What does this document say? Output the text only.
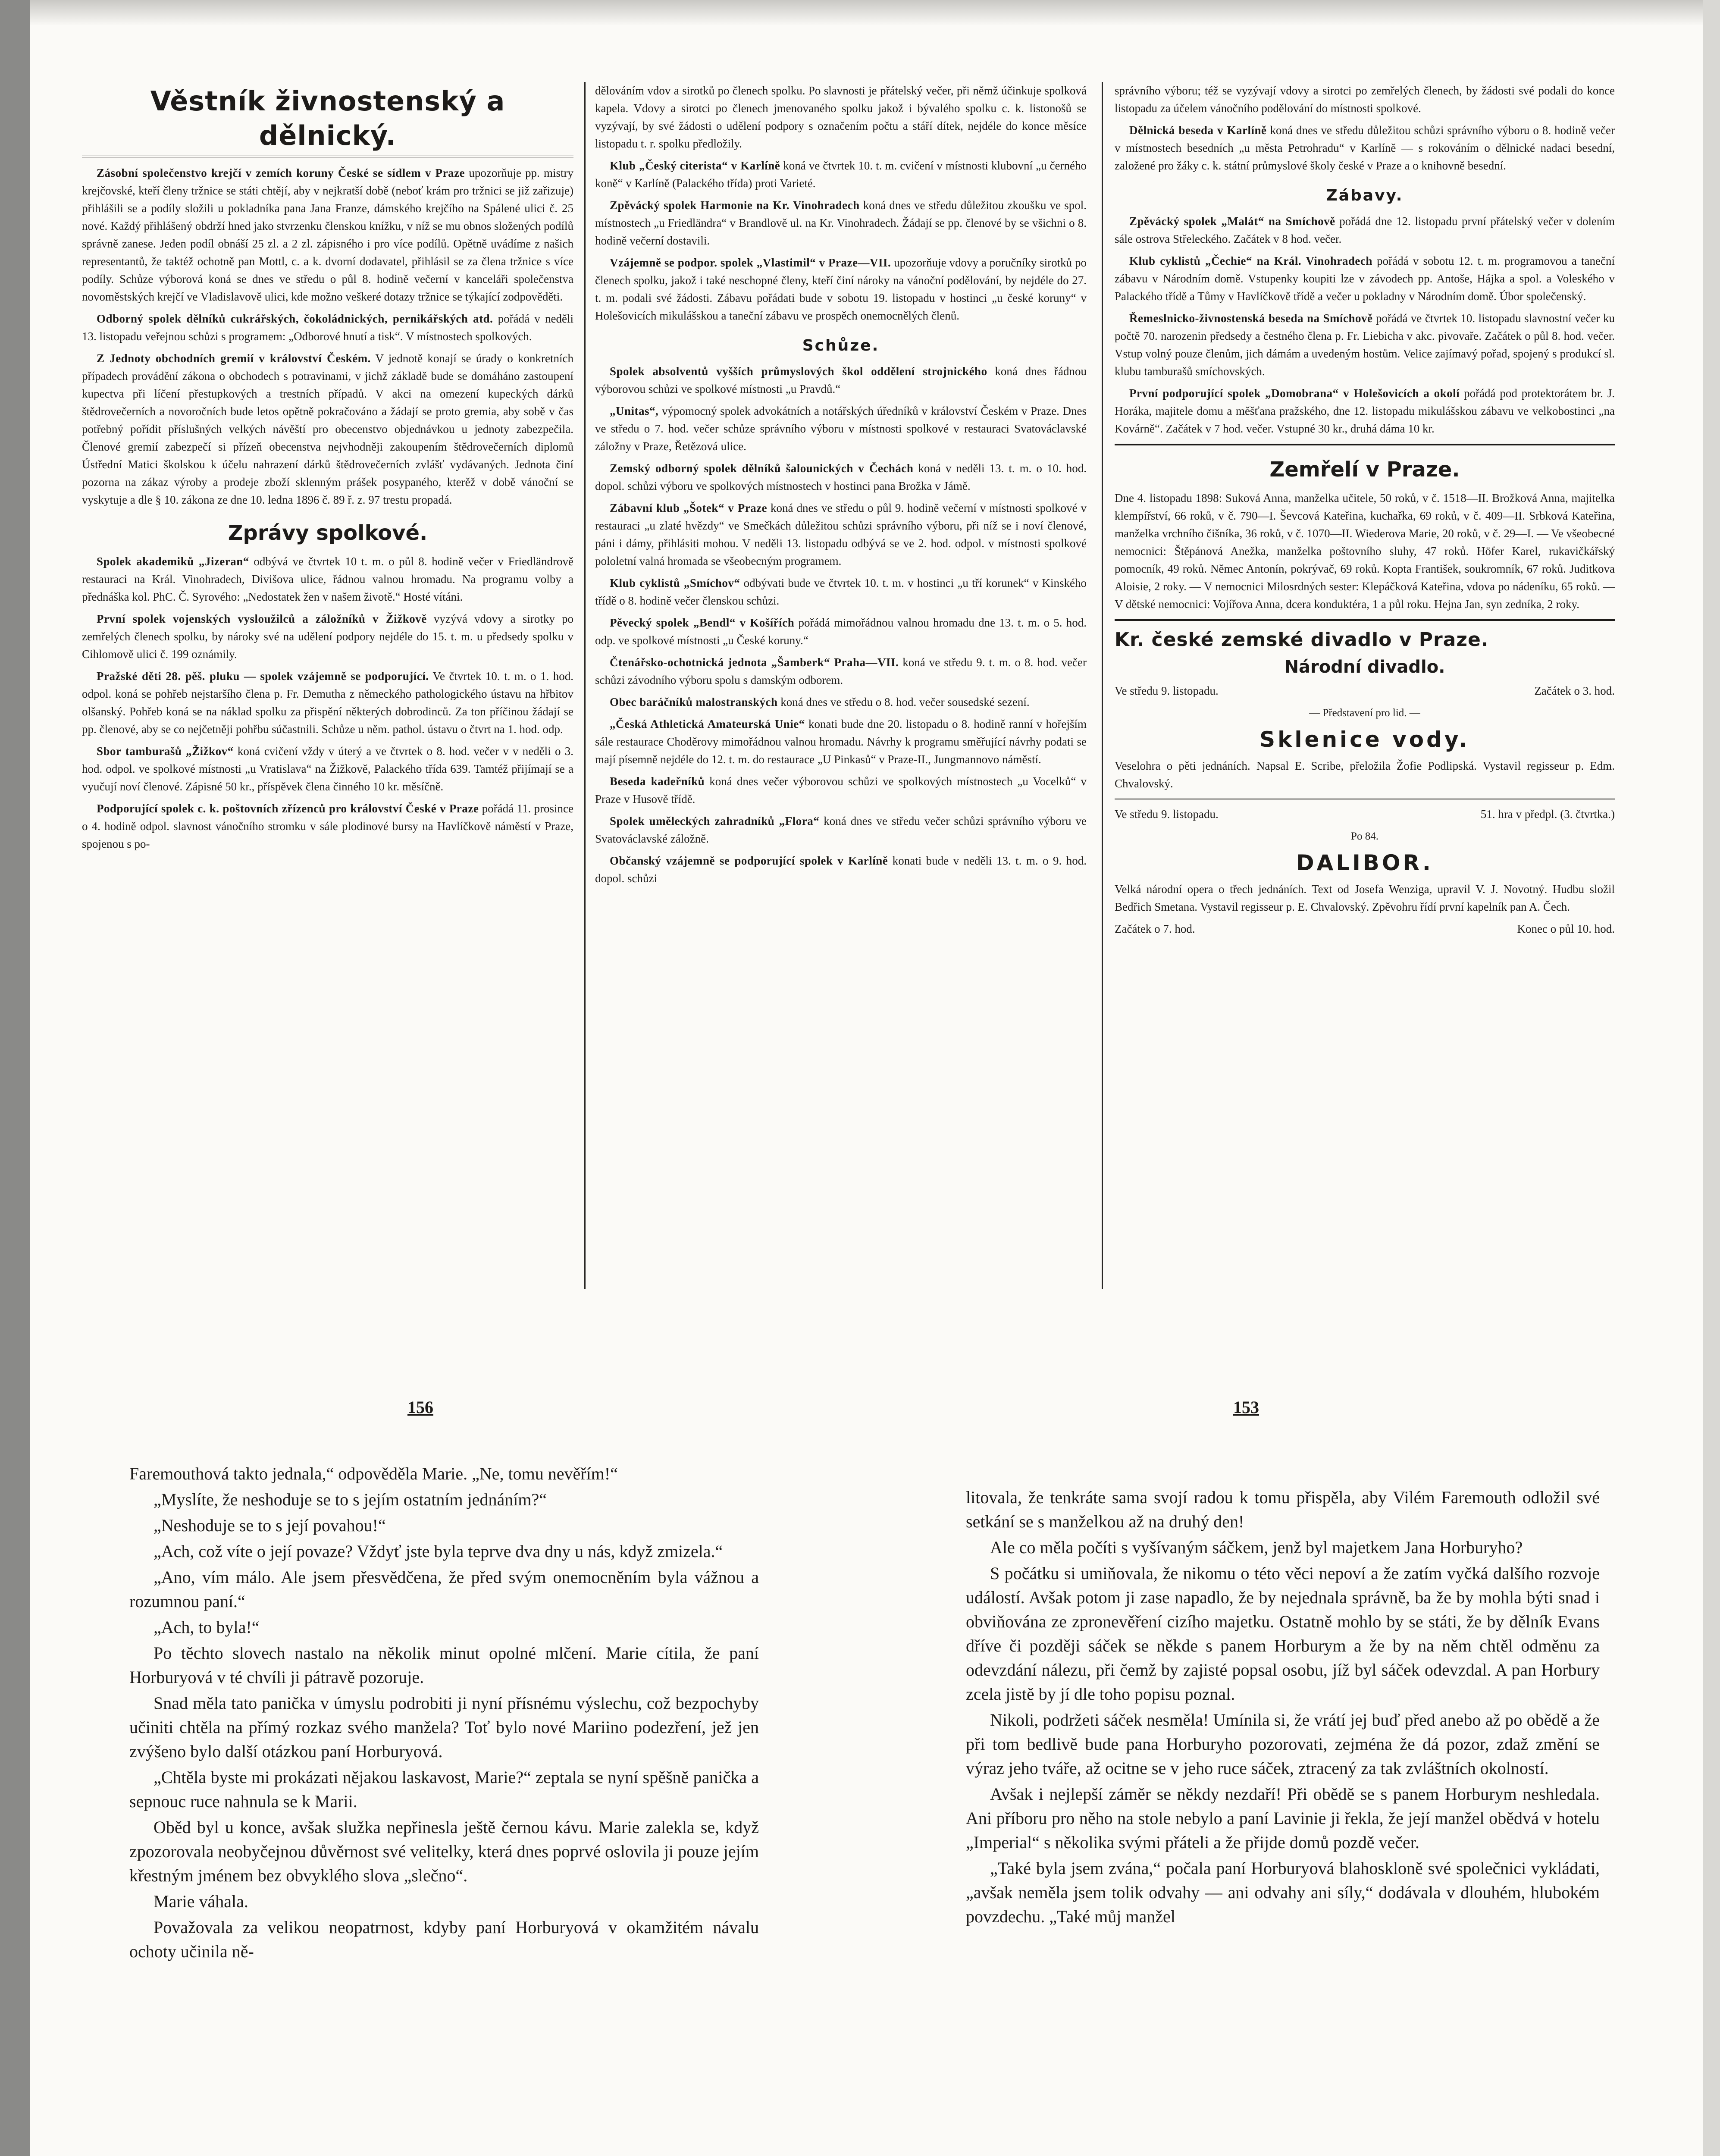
Věstník živnostenský a dělnický.

Zásobní společenstvo krejčí v zemích koruny České se sídlem v Praze upozorňuje pp. mistry krejčovské, kteří členy tržnice se státi chtějí, aby v nejkratší době (neboť krám pro tržnici se již zařizuje) přihlášili se a podíly složili u pokladníka pana Jana Franze, dámského krejčího na Spálené ulici č. 25 nové. Každý přihlášený obdrží hned jako stvrzenku členskou knížku, v níž se mu obnos složených podílů správně zanese. Jeden podíl obnáší 25 zl. a 2 zl. zápisného i pro více podílů. Opětně uvádíme z našich representantů, že taktéž ochotně pan Mottl, c. a k. dvorní dodavatel, přihlásil se za člena tržnice s více podíly. Schůze výborová koná se dnes ve středu o půl 8. hodině večerní v kanceláři společenstva novoměstských krejčí ve Vladislavově ulici, kde možno veškeré dotazy tržnice se týkající zodpověděti.

Odborný spolek dělníků cukrářských, čokoládnických, pernikářských atd. pořádá v neděli 13. listopadu veřejnou schůzi s programem: „Odborové hnutí a tisk“. V místnostech spolkových.

Z Jednoty obchodních gremií v království Českém. V jednotě konají se úrady o konkretních případech provádění zákona o obchodech s potravinami, v jichž základě bude se domáháno zastoupení kupectva při líčení přestupkových a trestních případů. V akci na omezení kupeckých dárků štědrovečerních a novoročních bude letos opětně pokračováno a žádají se proto gremia, aby sobě v čas potřebný pořídit příslušných velkých návěští pro obecenstvo objednávkou u jednoty zabezpečila. Členové gremií zabezpečí si přízeň obecenstva nejvhodněji zakoupením štědrovečerních diplomů Ústřední Matici školskou k účelu nahrazení dárků štědrovečerních zvlášť vydávaných. Jednota činí pozorna na zákaz výroby a prodeje zboží sklenným prášek posypaného, kterěž v době vánoční se vyskytuje a dle § 10. zákona ze dne 10. ledna 1896 č. 89 ř. z. 97 trestu propadá.

Zprávy spolkové.

Spolek akademiků „Jizeran“ odbývá ve čtvrtek 10 t. m. o půl 8. hodině večer v Friedländrově restauraci na Král. Vinohradech, Divišova ulice, řádnou valnou hromadu. Na programu volby a přednáška kol. PhC. Č. Syrového: „Nedostatek žen v našem životě.“ Hosté vítáni.

První spolek vojenských vysloužilců a záložníků v Žižkově vyzývá vdovy a sirotky po zemřelých členech spolku, by nároky své na udělení podpory nejdéle do 15. t. m. u předsedy spolku v Cihlomově ulici č. 199 oznámily.

Pražské děti 28. pěš. pluku — spolek vzájemně se podporující. Ve čtvrtek 10. t. m. o 1. hod. odpol. koná se pohřeb nejstaršího člena p. Fr. Demutha z německého pathologického ústavu na hřbitov olšanský. Pohřeb koná se na náklad spolku za přispění některých dobrodinců. Za ton příčinou žádají se pp. členové, aby se co nejčetněji pohřbu súčastnili. Schůze u něm. pathol. ústavu o čtvrt na 1. hod. odp.

Sbor tamburašů „Žižkov“ koná cvičení vždy v úterý a ve čtvrtek o 8. hod. večer v v neděli o 3. hod. odpol. ve spolkové místnosti „u Vratislava“ na Žižkově, Palackého třída 639. Tamtéž přijímají se a vyučují noví členové. Zápisné 50 kr., příspěvek člena činného 10 kr. měsíčně.

Podporující spolek c. k. poštovních zřízenců pro království České v Praze pořádá 11. prosince o 4. hodině odpol. slavnost vánočního stromku v sále plodinové bursy na Havlíčkově náměstí v Praze, spojenou s po-

dělováním vdov a sirotků po členech spolku. Po slavnosti je přátelský večer, při němž účinkuje spolková kapela. Vdovy a sirotci po členech jmenovaného spolku jakož i bývalého spolku c. k. listonošů se vyzývají, by své žádosti o udělení podpory s označením počtu a stáří dítek, nejdéle do konce měsíce listopadu t. r. spolku předložily.

Klub „Český citerista“ v Karlíně koná ve čtvrtek 10. t. m. cvičení v místnosti klubovní „u černého koně“ v Karlíně (Palackého třída) proti Varieté.

Zpěvácký spolek Harmonie na Kr. Vinohradech koná dnes ve středu důležitou zkoušku ve spol. místnostech „u Friedländra“ v Brandlově ul. na Kr. Vinohradech. Žádají se pp. členové by se všichni o 8. hodině večerní dostavili.

Vzájemně se podpor. spolek „Vlastimil“ v Praze—VII. upozorňuje vdovy a poručníky sirotků po členech spolku, jakož i také neschopné členy, kteří činí nároky na vánoční podělování, by nejdéle do 27. t. m. podali své žádosti. Zábavu pořádati bude v sobotu 19. listopadu v hostinci „u české koruny“ v Holešovicích mikulášskou a taneční zábavu ve prospěch onemocnělých členů.

Schůze.

Spolek absolventů vyšších průmyslových škol oddělení strojnického koná dnes řádnou výborovou schůzi ve spolkové místnosti „u Pravdů.“

„Unitas“, výpomocný spolek advokátních a notářských úředníků v království Českém v Praze. Dnes ve středu o 7. hod. večer schůze správního výboru v místnosti spolkové v restauraci Svatováclavské záložny v Praze, Řetězová ulice.

Zemský odborný spolek dělníků šalounických v Čechách koná v neděli 13. t. m. o 10. hod. dopol. schůzi výboru ve spolkových místnostech v hostinci pana Brožka v Jámě.

Zábavní klub „Šotek“ v Praze koná dnes ve středu o půl 9. hodině večerní v místnosti spolkové v restauraci „u zlaté hvězdy“ ve Smečkách důležitou schůzi správního výboru, při níž se i noví členové, páni i dámy, přihlásiti mohou. V neděli 13. listopadu odbývá se ve 2. hod. odpol. v místnosti spolkové pololetní valná hromada se všeobecným programem.

Klub cyklistů „Smíchov“ odbývati bude ve čtvrtek 10. t. m. v hostinci „u tří korunek“ v Kinského třídě o 8. hodině večer členskou schůzi.

Pěvecký spolek „Bendl“ v Košířích pořádá mimořádnou valnou hromadu dne 13. t. m. o 5. hod. odp. ve spolkové místnosti „u České koruny.“

Čtenářsko-ochotnická jednota „Šamberk“ Praha—VII. koná ve středu 9. t. m. o 8. hod. večer schůzi závodního výboru spolu s damským odborem.

Obec baráčníků malostranských koná dnes ve středu o 8. hod. večer sousedské sezení.

„Česká Athletická Amateurská Unie“ konati bude dne 20. listopadu o 8. hodině ranní v hořejším sále restaurace Choděrovy mimořádnou valnou hromadu. Návrhy k programu směřující návrhy podati se mají písemně nejdéle do 12. t. m. do restaurace „U Pinkasů“ v Praze-II., Jungmannovo náměstí.

Beseda kadeřníků koná dnes večer výborovou schůzi ve spolkových místnostech „u Vocelků“ v Praze v Husově třídě.

Spolek uměleckých zahradníků „Flora“ koná dnes ve středu večer schůzi správního výboru ve Svatováclavské záložně.

Občanský vzájemně se podporující spolek v Karlíně konati bude v neděli 13. t. m. o 9. hod. dopol. schůzi

správního výboru; též se vyzývají vdovy a sirotci po zemřelých členech, by žádosti své podali do konce listopadu za účelem vánočního podělování do místnosti spolkové.

Dělnická beseda v Karlíně koná dnes ve středu důležitou schůzi správního výboru o 8. hodině večer v místnostech besedních „u města Petrohradu“ v Karlíně — s rokováním o dělnické nadaci besední, založené pro žáky c. k. státní průmyslové školy české v Praze a o knihovně besední.

Zábavy.

Zpěvácký spolek „Malát“ na Smíchově pořádá dne 12. listopadu první přátelský večer v dolením sále ostrova Střeleckého. Začátek v 8 hod. večer.

Klub cyklistů „Čechie“ na Král. Vinohradech pořádá v sobotu 12. t. m. programovou a taneční zábavu v Národním domě. Vstupenky koupiti lze v závodech pp. Antoše, Hájka a spol. a Voleského v Palackého třídě a Tůmy v Havlíčkově třídě a večer u pokladny v Národním domě. Úbor společenský.

Řemeslnicko-živnostenská beseda na Smíchově pořádá ve čtvrtek 10. listopadu slavnostní večer ku počtě 70. narozenin předsedy a čestného člena p. Fr. Liebicha v akc. pivovaře. Začátek o půl 8. hod. večer. Vstup volný pouze členům, jich dámám a uvedeným hostům. Velice zajímavý pořad, spojený s produkcí sl. klubu tamburašů smíchovských.

První podporující spolek „Domobrana“ v Holešovicích a okolí pořádá pod protektorátem br. J. Horáka, majitele domu a měšťana pražského, dne 12. listopadu mikulášskou zábavu ve velkobostinci „na Kovárně“. Začátek v 7 hod. večer. Vstupné 30 kr., druhá dáma 10 kr.

Zemřelí v Praze.

Dne 4. listopadu 1898: Suková Anna, manželka učitele, 50 roků, v č. 1518—II. Brožková Anna, majitelka klempířství, 66 roků, v č. 790—I. Ševcová Kateřina, kuchařka, 69 roků, v č. 409—II. Srbková Kateřina, manželka vrchního čišníka, 36 roků, v č. 1070—II. Wiederova Marie, 20 roků, v č. 29—I. — Ve všeobecné nemocnici: Štěpánová Anežka, manželka poštovního sluhy, 47 roků. Höfer Karel, rukavičkářský pomocník, 49 roků. Němec Antonín, pokrývač, 69 roků. Kopta František, soukromník, 67 roků. Juditkova Aloisie, 2 roky. — V nemocnici Milosrdných sester: Klepáčková Kateřina, vdova po nádeníku, 65 roků. — V dětské nemocnici: Vojířova Anna, dcera konduktéra, 1 a půl roku. Hejna Jan, syn zedníka, 2 roky.

Kr. české zemské divadlo v Praze.
Národní divadlo.

Ve středu 9. listopadu.	Začátek o 3. hod.

— Představení pro lid. —

Sklenice vody.

Veselohra o pěti jednáních. Napsal E. Scribe, přeložila Žofie Podlipská. Vystavil regisseur p. Edm. Chvalovský.

Ve středu 9. listopadu.	51. hra v předpl. (3. čtvrtka.)

Po 84.

DALIBOR.

Velká národní opera o třech jednáních. Text od Josefa Wenziga, upravil V. J. Novotný. Hudbu složil Bedřich Smetana. Vystavil regisseur p. E. Chvalovský. Zpěvohru řídí první kapelník pan A. Čech.

Začátek o 7. hod.	Konec o půl 10. hod.

156	153

Faremouthová takto jednala,“ odpověděla Marie. „Ne, tomu nevěřím!“

„Myslíte, že neshoduje se to s jejím ostatním jednáním?“

„Neshoduje se to s její povahou!“

„Ach, což víte o její povaze? Vždyť jste byla teprve dva dny u nás, když zmizela.“

„Ano, vím málo. Ale jsem přesvědčena, že před svým onemocněním byla vážnou a rozumnou paní.“

„Ach, to byla!“

Po těchto slovech nastalo na několik minut opolné mlčení. Marie cítila, že paní Horburyová v té chvíli ji pátravě pozoruje.

Snad měla tato panička v úmyslu podrobiti ji nyní přísnému výslechu, což bezpochyby učiniti chtěla na přímý rozkaz svého manžela? Toť bylo nové Mariino podezření, jež jen zvýšeno bylo další otázkou paní Horburyová.

„Chtěla byste mi prokázati nějakou laskavost, Marie?“ zeptala se nyní spěšně panička a sepnouc ruce nahnula se k Marii.

Oběd byl u konce, avšak služka nepřinesla ještě černou kávu. Marie zalekla se, když zpozorovala neobyčejnou důvěrnost své velitelky, která dnes poprvé oslovila ji pouze jejím křestným jménem bez obvyklého slova „slečno“.

Marie váhala.

Považovala za velikou neopatrnost, kdyby paní Horburyová v okamžitém návalu ochoty učinila ně-

litovala, že tenkráte sama svojí radou k tomu přispěla, aby Vilém Faremouth odložil své setkání se s manželkou až na druhý den!

Ale co měla počíti s vyšívaným sáčkem, jenž byl majetkem Jana Horburyho?

S počátku si umiňovala, že nikomu o této věci nepoví a že zatím vyčká dalšího rozvoje událostí. Avšak potom ji zase napadlo, že by nejednala správně, ba že by mohla býti snad i obviňována ze zpronevěření cizího majetku. Ostatně mohlo by se státi, že by dělník Evans dříve či později sáček se někde s panem Horburym a že by na něm chtěl odměnu za odevzdání nálezu, při čemž by zajisté popsal osobu, jíž byl sáček odevzdal. A pan Horbury zcela jistě by jí dle toho popisu poznal.

Nikoli, podržeti sáček nesměla! Umínila si, že vrátí jej buď před anebo až po obědě a že při tom bedlivě bude pana Horburyho pozorovati, zejména že dá pozor, zdaž změní se výraz jeho tváře, až ocitne se v jeho ruce sáček, ztracený za tak zvláštních okolností.

Avšak i nejlepší záměr se někdy nezdaří! Při obědě se s panem Horburym neshledala. Ani příboru pro něho na stole nebylo a paní Lavinie ji řekla, že její manžel obědvá v hotelu „Imperial“ s několika svými přáteli a že přijde domů pozdě večer.

„Také byla jsem zvána,“ počala paní Horburyová blahoskloně své společnici vykládati, „avšak neměla jsem tolik odvahy — ani odvahy ani síly,“ dodávala v dlouhém, hlubokém povzdechu. „Také můj manžel
